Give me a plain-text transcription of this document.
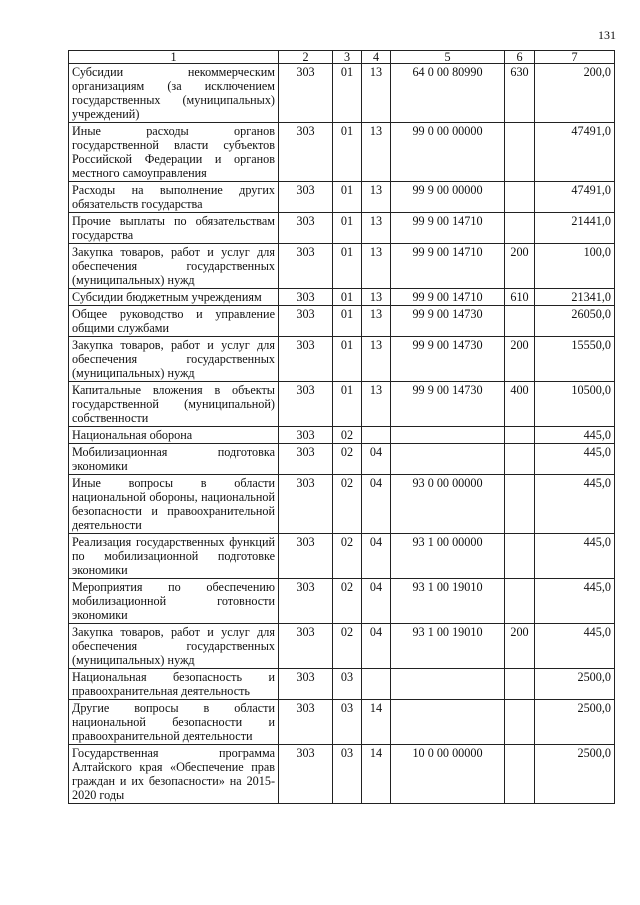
131
1	2	3	4	5	6	7
Субсидии некоммерческим организациям (за исключением государственных (муниципальных) учреждений)	303	01	13	64 0 00 80990	630	200,0
Иные расходы органов государственной власти субъектов Российской Федерации и органов местного самоуправления	303	01	13	99 0 00 00000		47491,0
Расходы на выполнение других обязательств государства	303	01	13	99 9 00 00000		47491,0
Прочие выплаты по обязательствам государства	303	01	13	99 9 00 14710		21441,0
Закупка товаров, работ и услуг для обеспечения государственных (муниципальных) нужд	303	01	13	99 9 00 14710	200	100,0
Субсидии бюджетным учреждениям	303	01	13	99 9 00 14710	610	21341,0
Общее руководство и управление общими службами	303	01	13	99 9 00 14730		26050,0
Закупка товаров, работ и услуг для обеспечения государственных (муниципальных) нужд	303	01	13	99 9 00 14730	200	15550,0
Капитальные вложения в объекты государственной (муниципальной) собственности	303	01	13	99 9 00 14730	400	10500,0
Национальная оборона	303	02				445,0
Мобилизационная подготовка экономики	303	02	04			445,0
Иные вопросы в области национальной обороны, национальной безопасности и правоохранительной деятельности	303	02	04	93 0 00 00000		445,0
Реализация государственных функций по мобилизационной подготовке экономики	303	02	04	93 1 00 00000		445,0
Мероприятия по обеспечению мобилизационной готовности экономики	303	02	04	93 1 00 19010		445,0
Закупка товаров, работ и услуг для обеспечения государственных (муниципальных) нужд	303	02	04	93 1 00 19010	200	445,0
Национальная безопасность и правоохранительная деятельность	303	03				2500,0
Другие вопросы в области национальной безопасности и правоохранительной деятельности	303	03	14			2500,0
Государственная программа Алтайского края «Обеспечение прав граждан и их безопасности» на 2015-2020 годы	303	03	14	10 0 00 00000		2500,0
